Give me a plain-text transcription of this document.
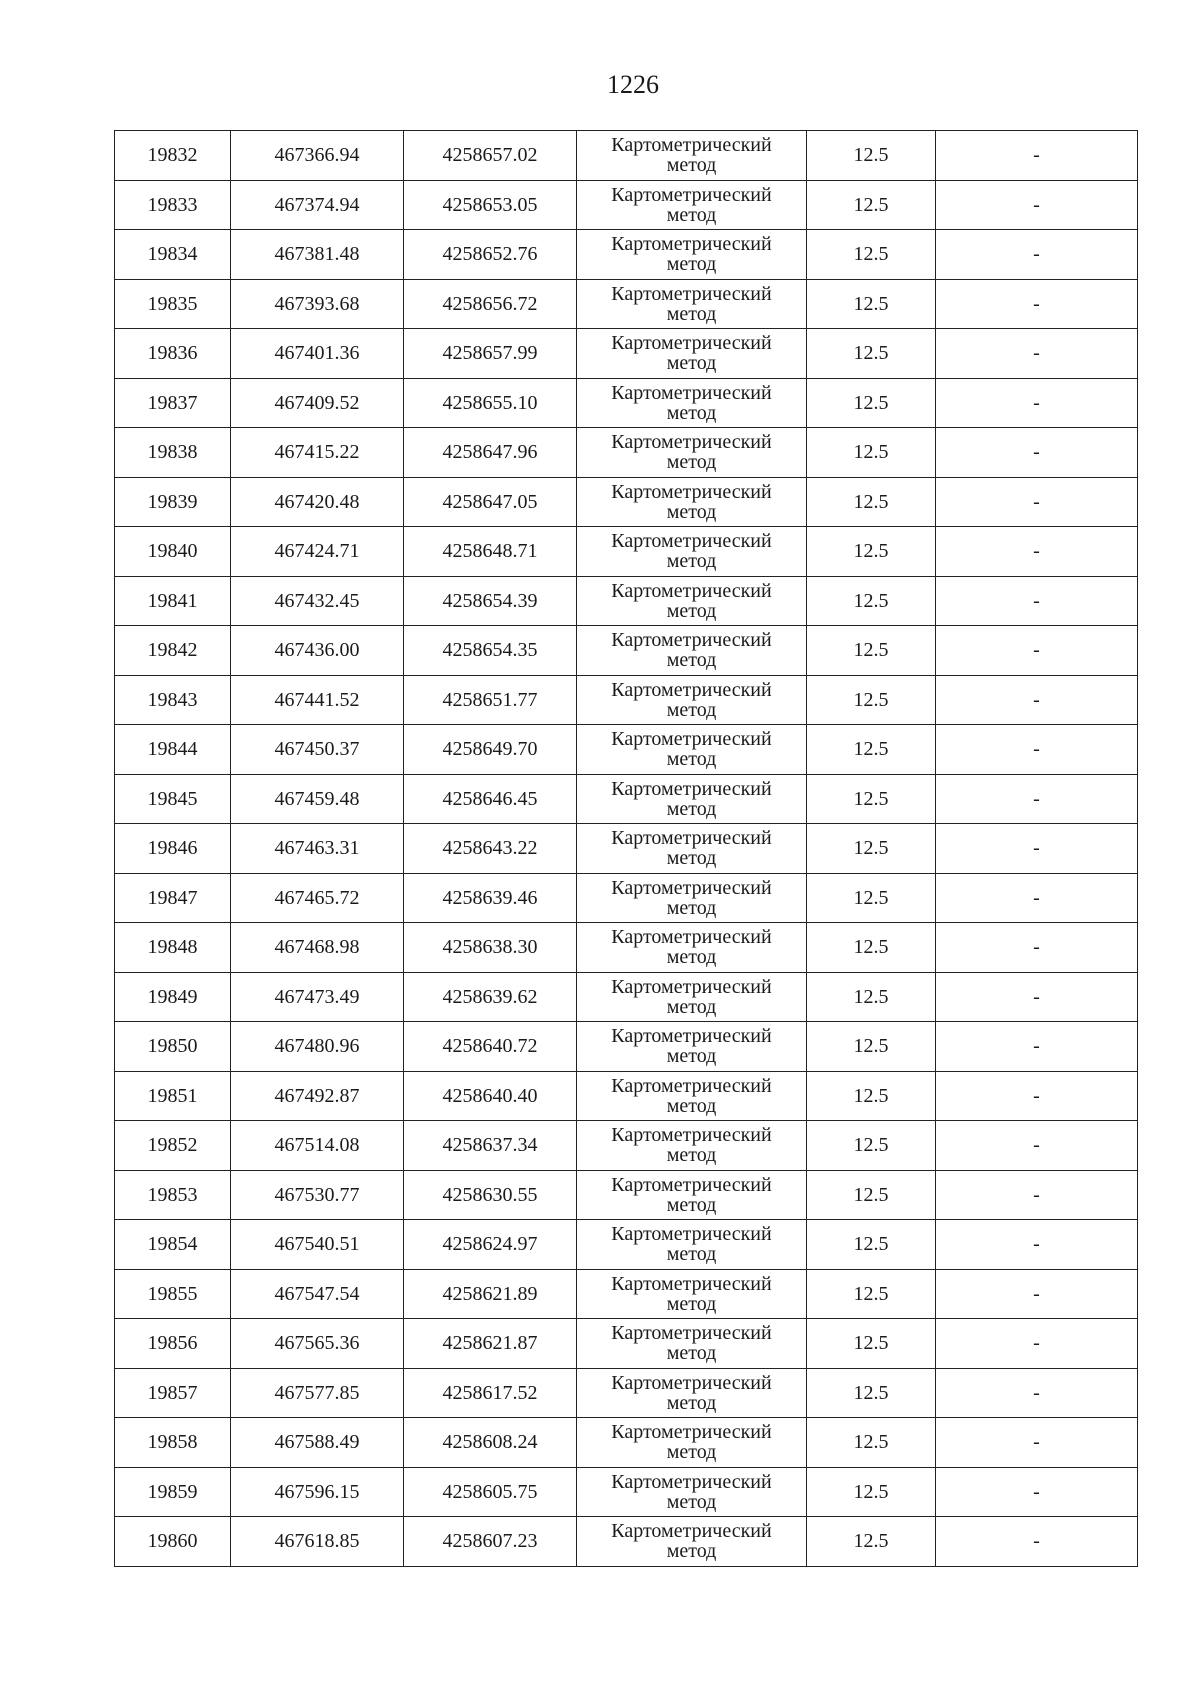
1226
19832	467366.94	4258657.02	Картометрический
метод	12.5	-
19833	467374.94	4258653.05	Картометрический
метод	12.5	-
19834	467381.48	4258652.76	Картометрический
метод	12.5	-
19835	467393.68	4258656.72	Картометрический
метод	12.5	-
19836	467401.36	4258657.99	Картометрический
метод	12.5	-
19837	467409.52	4258655.10	Картометрический
метод	12.5	-
19838	467415.22	4258647.96	Картометрический
метод	12.5	-
19839	467420.48	4258647.05	Картометрический
метод	12.5	-
19840	467424.71	4258648.71	Картометрический
метод	12.5	-
19841	467432.45	4258654.39	Картометрический
метод	12.5	-
19842	467436.00	4258654.35	Картометрический
метод	12.5	-
19843	467441.52	4258651.77	Картометрический
метод	12.5	-
19844	467450.37	4258649.70	Картометрический
метод	12.5	-
19845	467459.48	4258646.45	Картометрический
метод	12.5	-
19846	467463.31	4258643.22	Картометрический
метод	12.5	-
19847	467465.72	4258639.46	Картометрический
метод	12.5	-
19848	467468.98	4258638.30	Картометрический
метод	12.5	-
19849	467473.49	4258639.62	Картометрический
метод	12.5	-
19850	467480.96	4258640.72	Картометрический
метод	12.5	-
19851	467492.87	4258640.40	Картометрический
метод	12.5	-
19852	467514.08	4258637.34	Картометрический
метод	12.5	-
19853	467530.77	4258630.55	Картометрический
метод	12.5	-
19854	467540.51	4258624.97	Картометрический
метод	12.5	-
19855	467547.54	4258621.89	Картометрический
метод	12.5	-
19856	467565.36	4258621.87	Картометрический
метод	12.5	-
19857	467577.85	4258617.52	Картометрический
метод	12.5	-
19858	467588.49	4258608.24	Картометрический
метод	12.5	-
19859	467596.15	4258605.75	Картометрический
метод	12.5	-
19860	467618.85	4258607.23	Картометрический
метод	12.5	-
